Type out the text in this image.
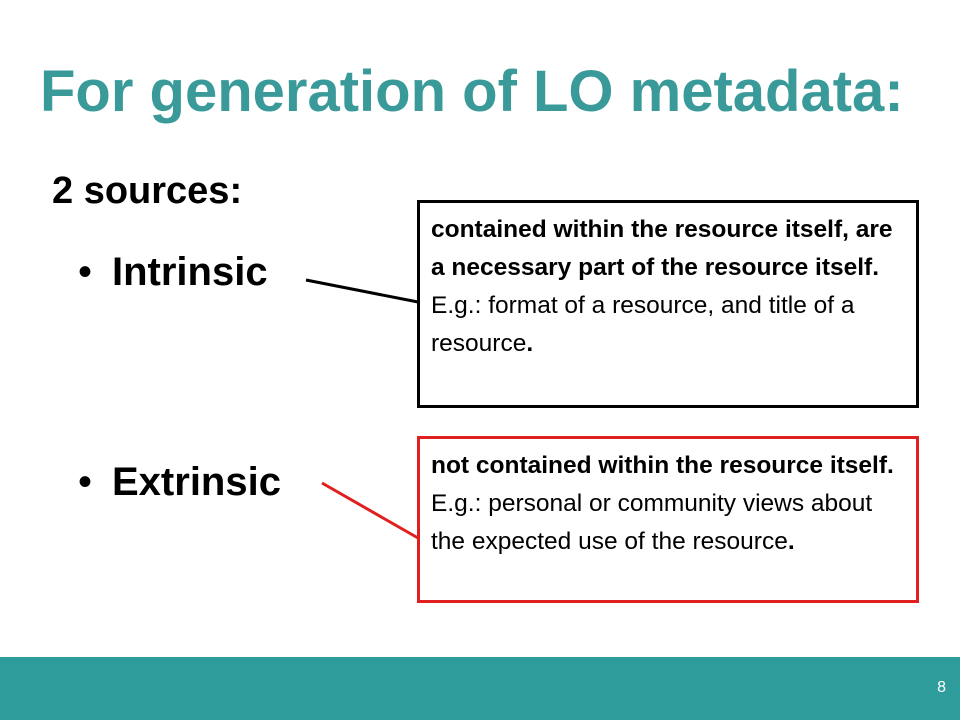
For generation of LO metadata:
2 sources:
• Intrinsic
• Extrinsic
contained within the resource itself, are a necessary part of the resource itself. E.g.: format of a resource, and title of a resource.
not contained within the resource itself. E.g.: personal or community views about the expected use of the resource.
8
